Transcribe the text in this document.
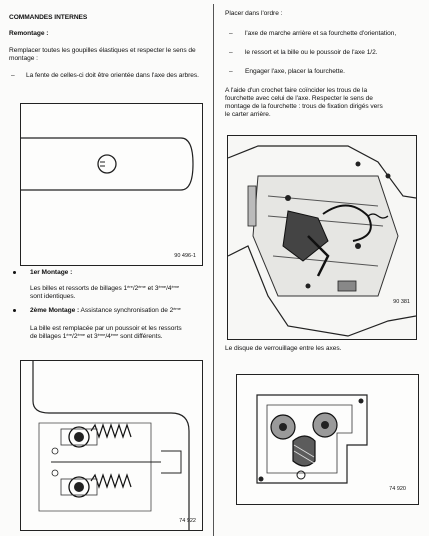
COMMANDES INTERNES
Remontage :
Remplacer toutes les goupilles élastiques et respecter le sens de montage :
– La fente de celles-ci doit être orientée dans l'axe des arbres.
90 496-1
1er Montage :
Les billes et ressorts de billages 1ère/2ème et 3ème/4ème
sont identiques.
2ème Montage : Assistance synchronisation de 2ème
La bille est remplacée par un poussoir et les ressorts
de billages 1ère/2ème et 3ème/4ème sont différents.
74 922
Placer dans l'ordre :
– l'axe de marche arrière et sa fourchette d'orientation,
– le ressort et la bille ou le poussoir de l'axe 1/2.
– Engager l'axe, placer la fourchette.
A l'aide d'un crochet faire coïncider les trous de la
fourchette avec celui de l'axe. Respecter le sens de
montage de la fourchette : trous de fixation dirigés vers
le carter arrière.
90 381
Le disque de verrouillage entre les axes.
74 920
